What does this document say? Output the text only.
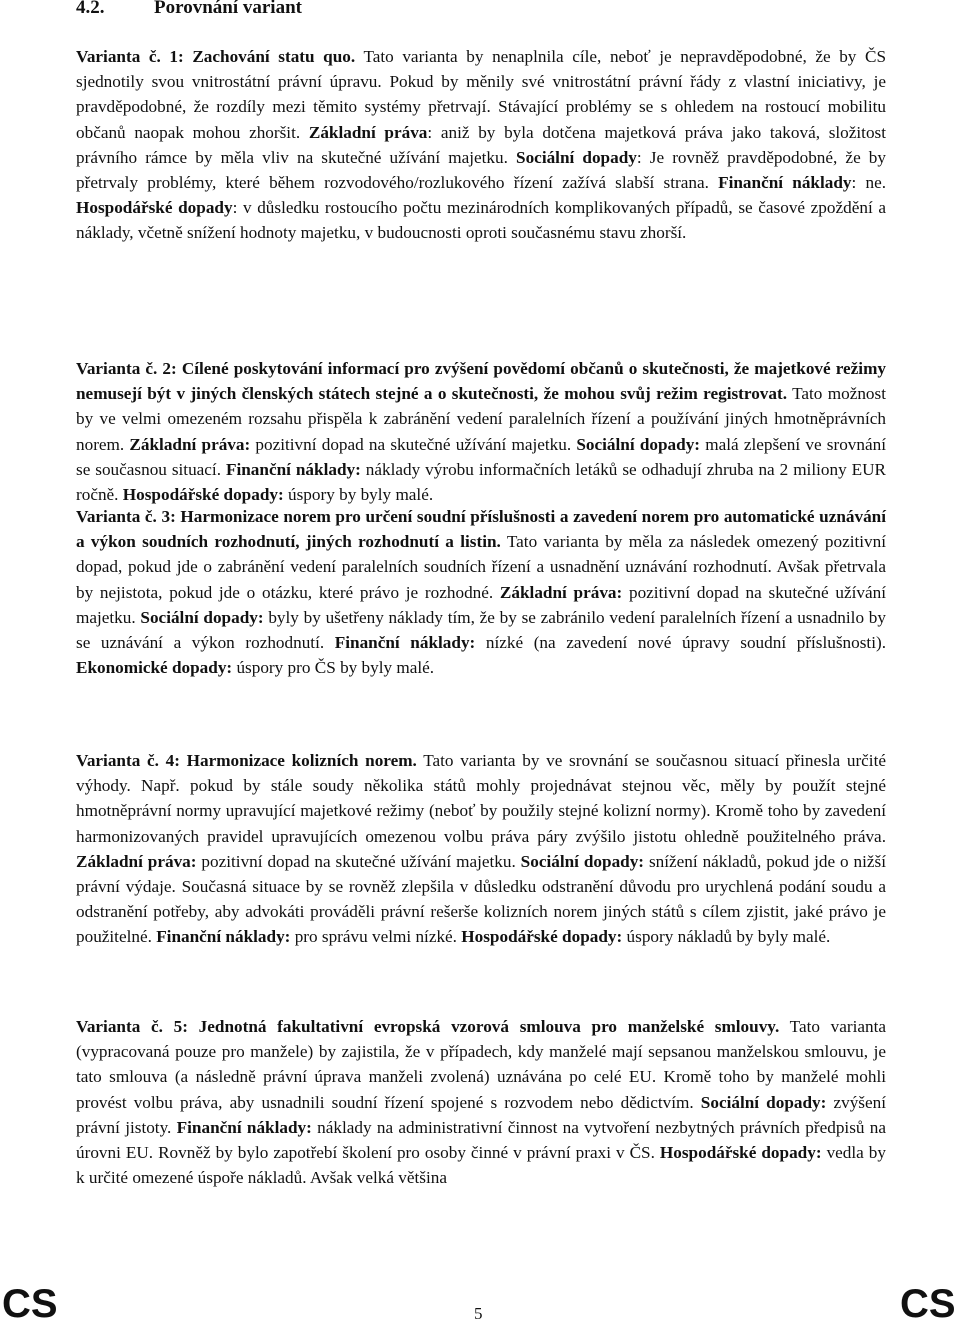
4.2.	Porovnání variant
Varianta č. 1: Zachování statu quo. Tato varianta by nenaplnila cíle, neboť je nepravděpodobné, že by ČS sjednotily svou vnitrostátní právní úpravu. Pokud by měnily své vnitrostátní právní řády z vlastní iniciativy, je pravděpodobné, že rozdíly mezi těmito systémy přetrvají. Stávající problémy se s ohledem na rostoucí mobilitu občanů naopak mohou zhoršit. Základní práva: aniž by byla dotčena majetková práva jako taková, složitost právního rámce by měla vliv na skutečné užívání majetku. Sociální dopady: Je rovněž pravděpodobné, že by přetrvaly problémy, které během rozvodového/rozlukového řízení zažívá slabší strana. Finanční náklady: ne. Hospodářské dopady: v důsledku rostoucího počtu mezinárodních komplikovaných případů, se časové zpoždění a náklady, včetně snížení hodnoty majetku, v budoucnosti oproti současnému stavu zhorší.
Varianta č. 2: Cílené poskytování informací pro zvýšení povědomí občanů o skutečnosti, že majetkové režimy nemusejí být v jiných členských státech stejné a o skutečnosti, že mohou svůj režim registrovat. Tato možnost by ve velmi omezeném rozsahu přispěla k zabránění vedení paralelních řízení a používání jiných hmotněprávních norem. Základní práva: pozitivní dopad na skutečné užívání majetku. Sociální dopady: malá zlepšení ve srovnání se současnou situací. Finanční náklady: náklady výrobu informačních letáků se odhadují zhruba na 2 miliony EUR ročně. Hospodářské dopady: úspory by byly malé.
Varianta č. 3: Harmonizace norem pro určení soudní příslušnosti a zavedení norem pro automatické uznávání a výkon soudních rozhodnutí, jiných rozhodnutí a listin. Tato varianta by měla za následek omezený pozitivní dopad, pokud jde o zabránění vedení paralelních soudních řízení a usnadnění uznávání rozhodnutí. Avšak přetrvala by nejistota, pokud jde o otázku, které právo je rozhodné. Základní práva: pozitivní dopad na skutečné užívání majetku. Sociální dopady: byly by ušetřeny náklady tím, že by se zabránilo vedení paralelních řízení a usnadnilo by se uznávání a výkon rozhodnutí. Finanční náklady: nízké (na zavedení nové úpravy soudní příslušnosti). Ekonomické dopady: úspory pro ČS by byly malé.
Varianta č. 4: Harmonizace kolizních norem. Tato varianta by ve srovnání se současnou situací přinesla určité výhody. Např. pokud by stále soudy několika států mohly projednávat stejnou věc, měly by použít stejné hmotněprávní normy upravující majetkové režimy (neboť by použily stejné kolizní normy). Kromě toho by zavedení harmonizovaných pravidel upravujících omezenou volbu práva páry zvýšilo jistotu ohledně použitelného práva. Základní práva: pozitivní dopad na skutečné užívání majetku. Sociální dopady: snížení nákladů, pokud jde o nižší právní výdaje. Současná situace by se rovněž zlepšila v důsledku odstranění důvodu pro urychlená podání soudu a odstranění potřeby, aby advokáti prováděli právní rešerše kolizních norem jiných států s cílem zjistit, jaké právo je použitelné. Finanční náklady: pro správu velmi nízké. Hospodářské dopady: úspory nákladů by byly malé.
Varianta č. 5: Jednotná fakultativní evropská vzorová smlouva pro manželské smlouvy. Tato varianta (vypracovaná pouze pro manžele) by zajistila, že v případech, kdy manželé mají sepsanou manželskou smlouvu, je tato smlouva (a následně právní úprava manželi zvolená) uznávána po celé EU. Kromě toho by manželé mohli provést volbu práva, aby usnadnili soudní řízení spojené s rozvodem nebo dědictvím. Sociální dopady: zvýšení právní jistoty. Finanční náklady: náklady na administrativní činnost na vytvoření nezbytných právních předpisů na úrovni EU. Rovněž by bylo zapotřebí školení pro osoby činné v právní praxi v ČS. Hospodářské dopady: vedla by k určité omezené úspoře nákladů. Avšak velká většina
CS	5	CS
